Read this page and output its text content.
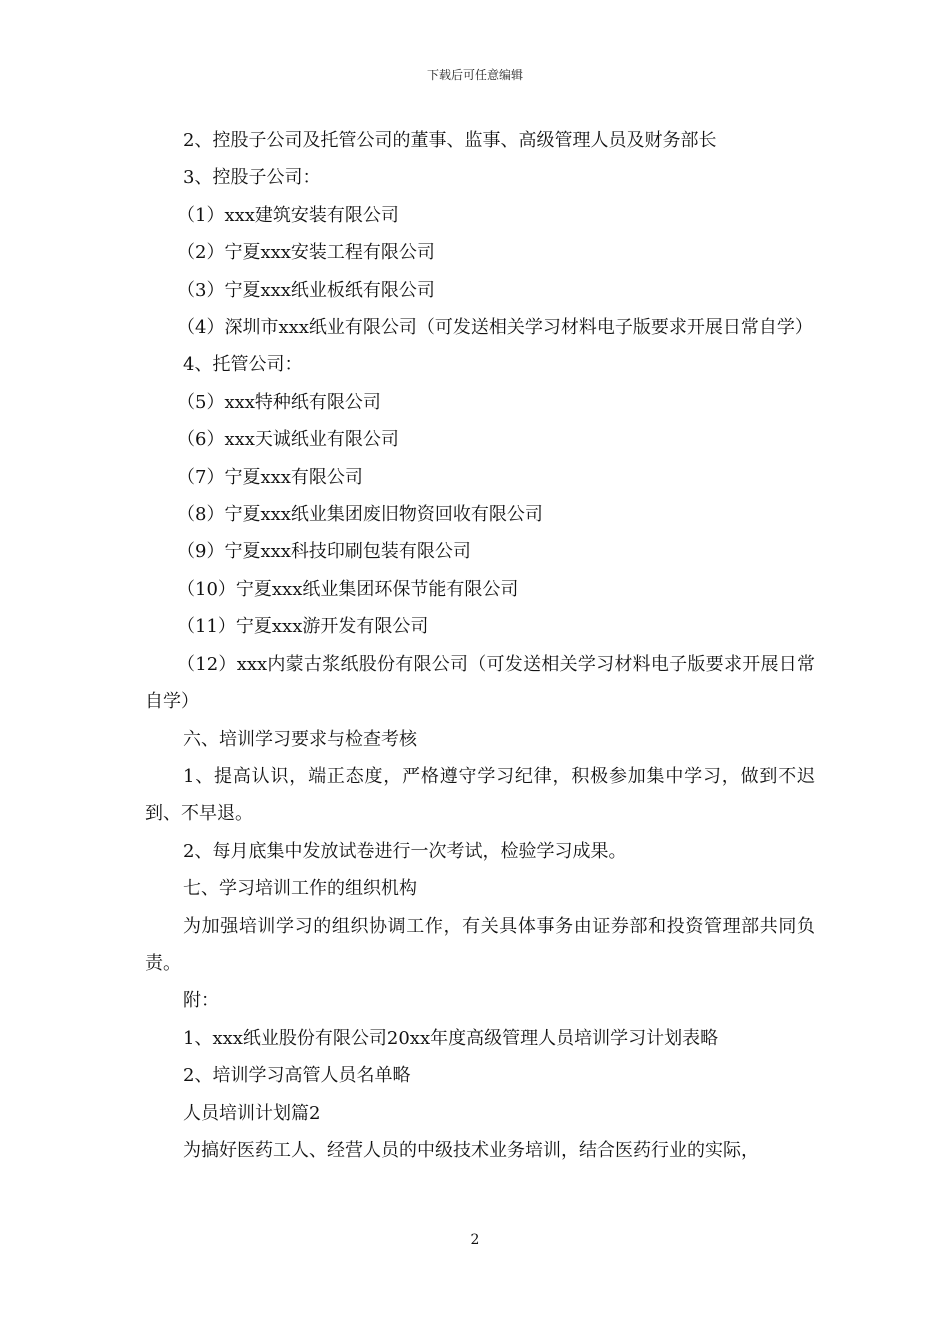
下载后可任意编辑

2、控股子公司及托管公司的董事、监事、高级管理人员及财务部长

3、控股子公司：

（1）xxx建筑安装有限公司

（2）宁夏xxx安装工程有限公司

（3）宁夏xxx纸业板纸有限公司

（4）深圳市xxx纸业有限公司（可发送相关学习材料电子版要求开展日常自学）

4、托管公司：

（5）xxx特种纸有限公司

（6）xxx天诚纸业有限公司

（7）宁夏xxx有限公司

（8）宁夏xxx纸业集团废旧物资回收有限公司

（9）宁夏xxx科技印刷包装有限公司

（10）宁夏xxx纸业集团环保节能有限公司

（11）宁夏xxx游开发有限公司

（12）xxx内蒙古浆纸股份有限公司（可发送相关学习材料电子版要求开展日常自学）

六、培训学习要求与检查考核

1、提高认识，端正态度，严格遵守学习纪律，积极参加集中学习，做到不迟到、不早退。

2、每月底集中发放试卷进行一次考试，检验学习成果。

七、学习培训工作的组织机构

为加强培训学习的组织协调工作，有关具体事务由证券部和投资管理部共同负责。

附：

1、xxx纸业股份有限公司20xx年度高级管理人员培训学习计划表略

2、培训学习高管人员名单略

人员培训计划篇2

为搞好医药工人、经营人员的中级技术业务培训，结合医药行业的实际，

2
